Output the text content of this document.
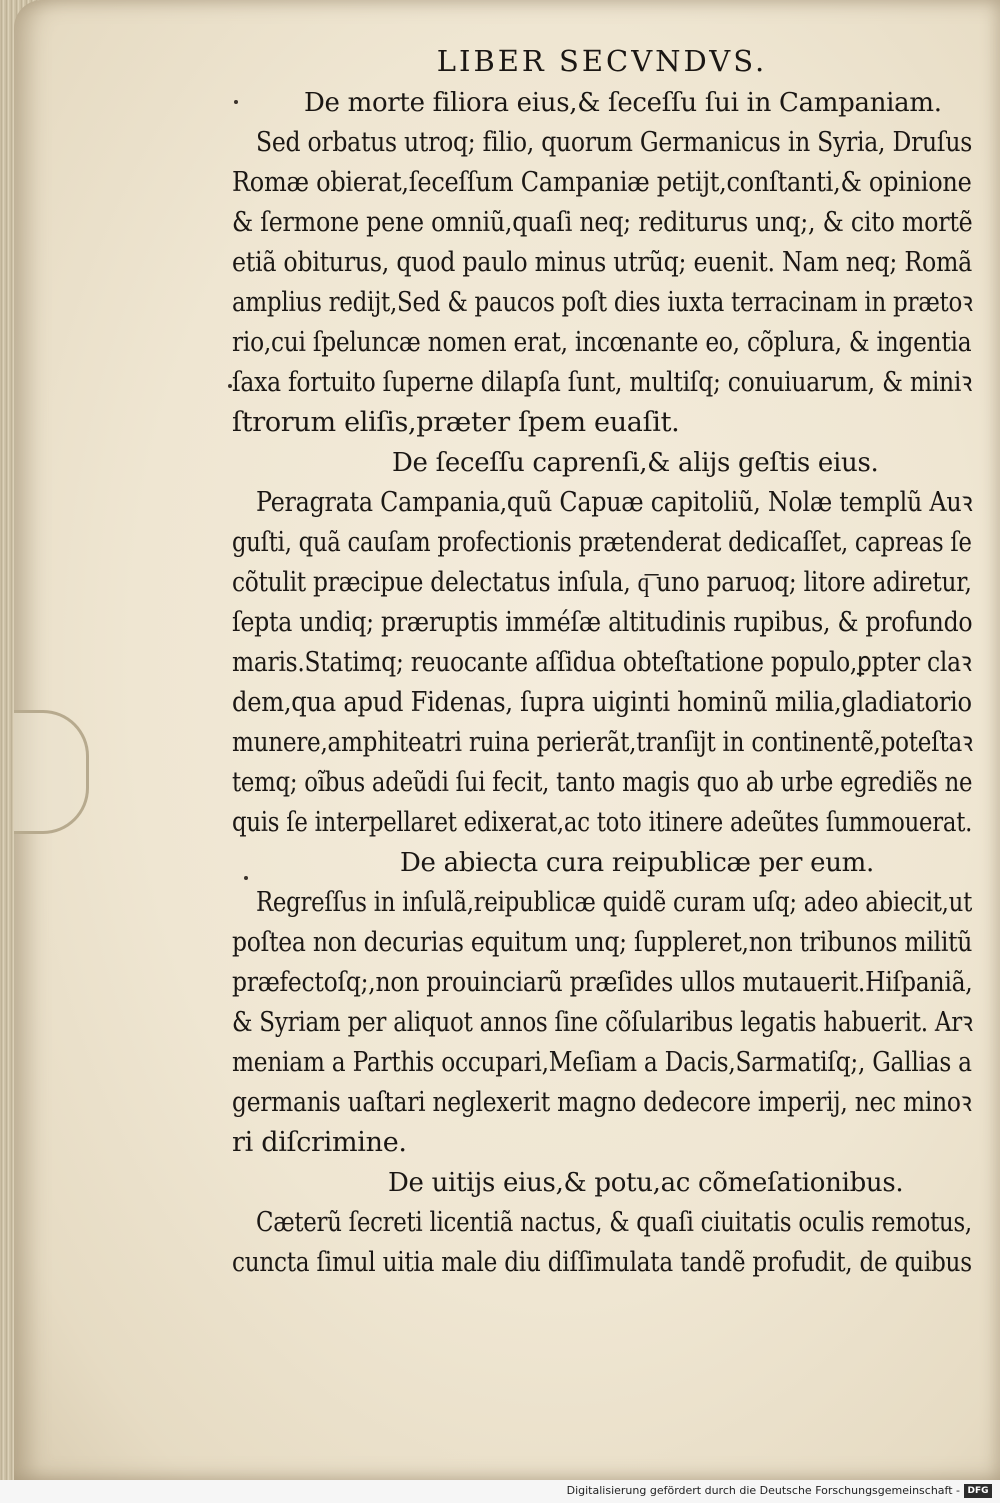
LIBER SECVNDVS.
De morte filiora eius,& ſeceſſu ſui in Campaniam.
Sed orbatus utroq; filio, quorum Germanicus in Syria, Druſus
Romæ obierat,ſeceſſum Campaniæ petijt,conſtanti,& opinione
& ſermone pene omniũ,quaſi neq; rediturus unq;, & cito mortẽ
etiã obiturus, quod paulo minus utrũq; euenit. Nam neq; Romã
amplius redijt,Sed & paucos poſt dies iuxta terracinam in prætoꝛ
rio,cui ſpeluncæ nomen erat, incœnante eo, cõplura, & ingentia
ſaxa fortuito ſuperne dilapſa ſunt, multiſq; conuiuarum, & miniꝛ
ſtrorum eliſis,præter ſpem euaſit.
De ſeceſſu caprenſi,& alijs geſtis eius.
Peragrata Campania,quũ Capuæ capitoliũ, Nolæ templũ Auꝛ
guſti, quã cauſam profectionis prætenderat dedicaſſet, capreas ſe
cõtulit præcipue delectatus inſula, q͞ uno paruoq; litore adiretur,
ſepta undiq; præruptis imméſæ altitudinis rupibus, & profundo
maris.Statimq; reuocante aſſidua obteſtatione populo,ꝑpter claꝛ
dem,qua apud Fidenas, ſupra uiginti hominũ milia,gladiatorio
munere,amphiteatri ruina perierãt,tranſijt in continentẽ,poteſtaꝛ
temq; oĩbus adeũdi ſui fecit, tanto magis quo ab urbe egrediẽs ne
quis ſe interpellaret edixerat,ac toto itinere adeũtes ſummouerat.
De abiecta cura reipublicæ per eum.
Regreſſus in inſulã,reipublicæ quidẽ curam uſq; adeo abiecit,ut
poſtea non decurias equitum unq; ſuppleret,non tribunos militũ
præfectoſq;,non prouinciarũ præſides ullos mutauerit.Hiſpaniã,
& Syriam per aliquot annos ſine cõſularibus legatis habuerit. Arꝛ
meniam a Parthis occupari,Meſiam a Dacis,Sarmatiſq;, Gallias a
germanis uaſtari neglexerit magno dedecore imperij, nec minoꝛ
ri diſcrimine.
De uitijs eius,& potu,ac cõmeſationibus.
Cæterũ ſecreti licentiã nactus, & quaſi ciuitatis oculis remotus,
cuncta ſimul uitia male diu diſſimulata tandẽ profudit, de quibus
Digitalisierung gefördert durch die Deutsche Forschungsgemeinschaft - DFG
